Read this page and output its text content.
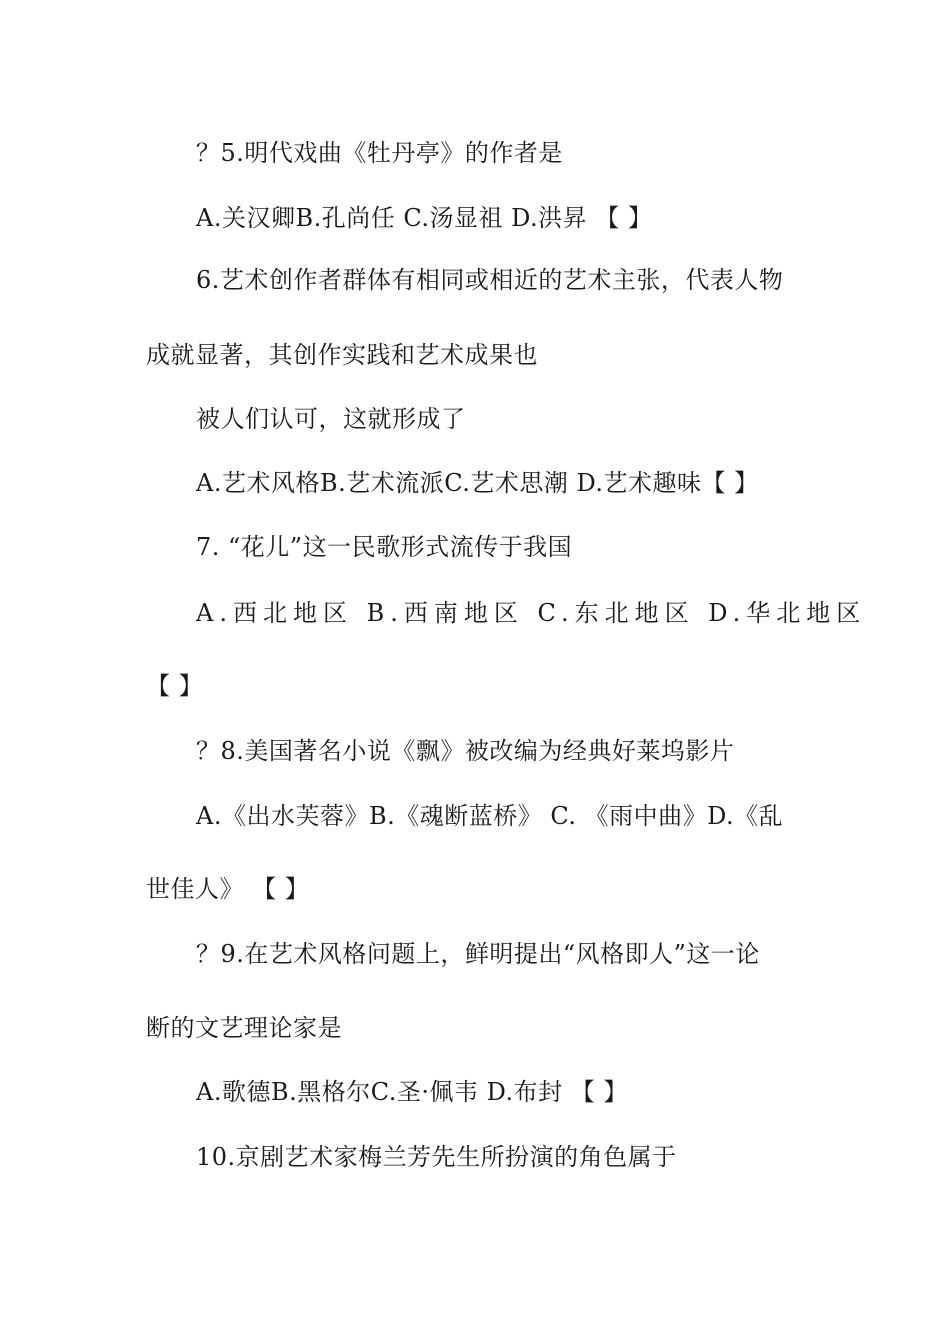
？5.明代戏曲《牡丹亭》的作者是
A.关汉卿B.孔尚任 C.汤显祖 D.洪昇 【 】
6.艺术创作者群体有相同或相近的艺术主张，代表人物
成就显著，其创作实践和艺术成果也
被人们认可，这就形成了
A.艺术风格B.艺术流派C.艺术思潮 D.艺术趣味【 】
7. “花儿”这一民歌形式流传于我国
A.西北地区 B.西南地区 C.东北地区 D.华北地区
【 】
？8.美国著名小说《飘》被改编为经典好莱坞影片
A.《出水芙蓉》B.《魂断蓝桥》 C. 《雨中曲》D.《乱
世佳人》 【 】
？9.在艺术风格问题上，鲜明提出“风格即人”这一论
断的文艺理论家是
A.歌德B.黑格尔C.圣·佩韦 D.布封 【 】
10.京剧艺术家梅兰芳先生所扮演的角色属于
